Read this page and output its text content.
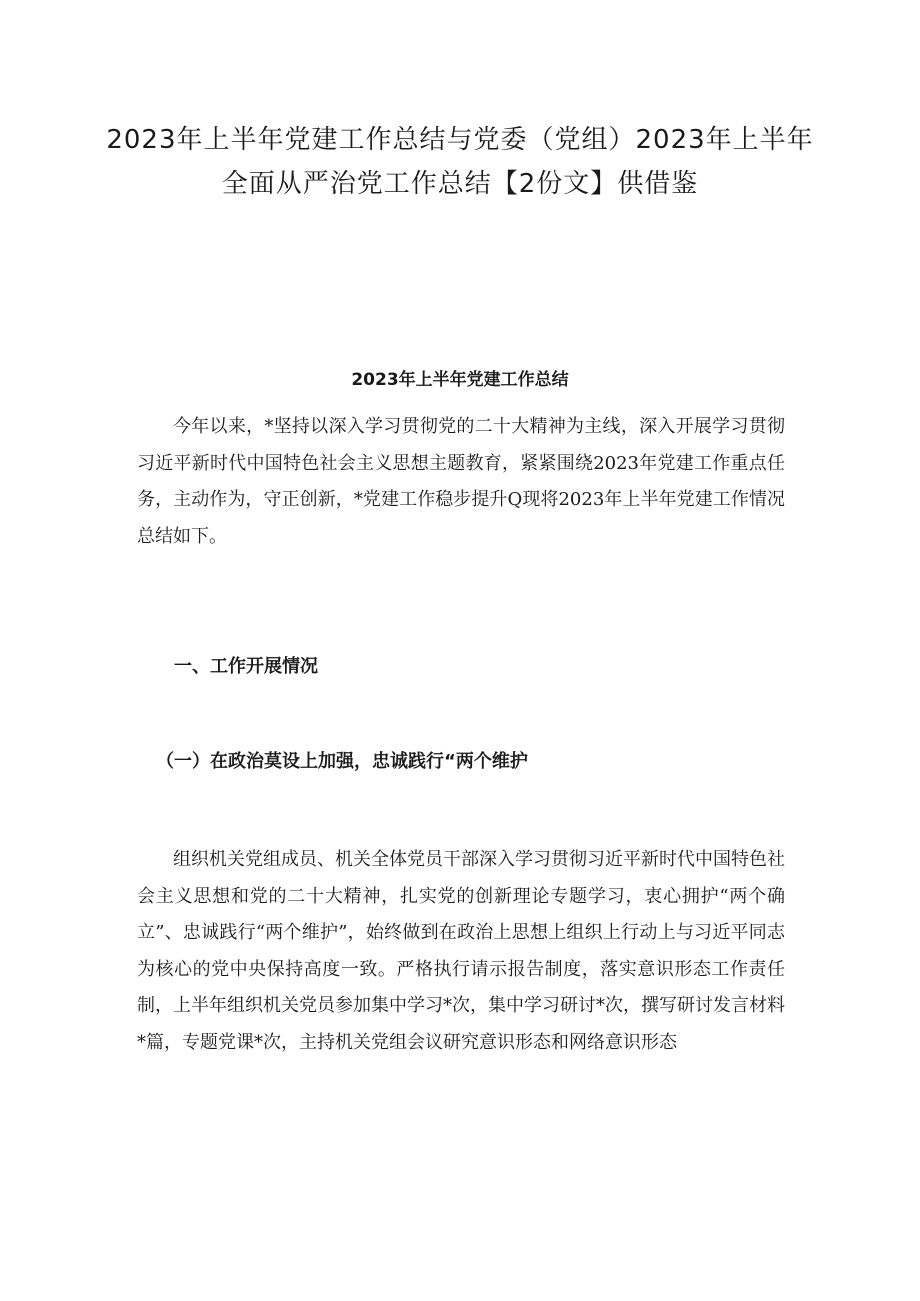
2023年上半年党建工作总结与党委（党组）2023年上半年全面从严治党工作总结【2份文】供借鉴
2023年上半年党建工作总结

今年以来，*坚持以深入学习贯彻党的二十大精神为主线，深入开展学习贯彻习近平新时代中国特色社会主义思想主题教育，紧紧围绕2023年党建工作重点任务，主动作为，守正创新，*党建工作稳步提升Q现将2023年上半年党建工作情况总结如下。

一、工作开展情况
（一）在政治莫设上加强，忠诚践行“两个维护

组织机关党组成员、机关全体党员干部深入学习贯彻习近平新时代中国特色社会主义思想和党的二十大精神，扎实党的创新理论专题学习，衷心拥护“两个确立”、忠诚践行“两个维护”，始终做到在政治上思想上组织上行动上与习近平同志为核心的党中央保持高度一致。严格执行请示报告制度，落实意识形态工作责任制，上半年组织机关党员参加集中学习*次，集中学习研讨*次，撰写研讨发言材料*篇，专题党课*次，主持机关党组会议研究意识形态和网络意识形态
